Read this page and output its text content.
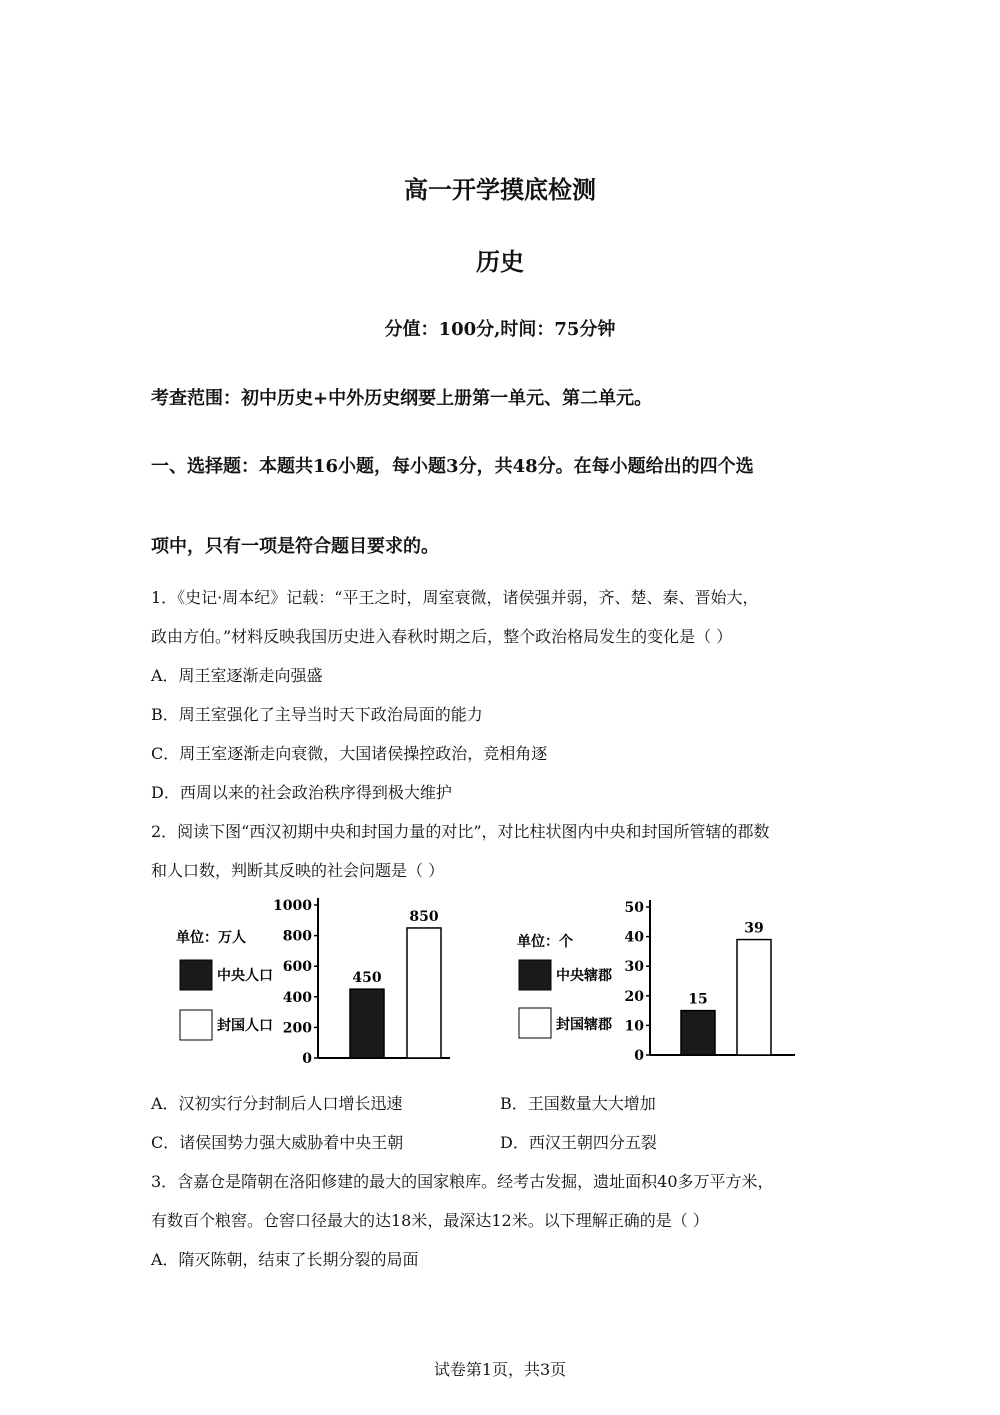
高一开学摸底检测
历史
分值：100分,时间：75分钟
考查范围：初中历史+中外历史纲要上册第一单元、第二单元。
一、选择题：本题共16小题，每小题3分，共48分。在每小题给出的四个选
项中，只有一项是符合题目要求的。
1．《史记·周本纪》记载：“平王之时，周室衰微，诸侯强并弱，齐、楚、秦、晋始大，
政由方伯。”材料反映我国历史进入春秋时期之后，整个政治格局发生的变化是（ ）
A．周王室逐渐走向强盛
B．周王室强化了主导当时天下政治局面的能力
C．周王室逐渐走向衰微，大国诸侯操控政治，竞相角逐
D．西周以来的社会政治秩序得到极大维护
2．阅读下图“西汉初期中央和封国力量的对比”，对比柱状图内中央和封国所管辖的郡数
和人口数，判断其反映的社会问题是（ ）
单位：万人
中央人口
封国人口
1000
800
600
400
200
0
450
850
单位：个
中央辖郡
封国辖郡
50
40
30
20
10
0
15
39
A．汉初实行分封制后人口增长迅速	B．王国数量大大增加
C．诸侯国势力强大威胁着中央王朝	D．西汉王朝四分五裂
3．含嘉仓是隋朝在洛阳修建的最大的国家粮库。经考古发掘，遗址面积40多万平方米，
有数百个粮窖。仓窖口径最大的达18米，最深达12米。以下理解正确的是（ ）
A．隋灭陈朝，结束了长期分裂的局面
试卷第1页，共3页
